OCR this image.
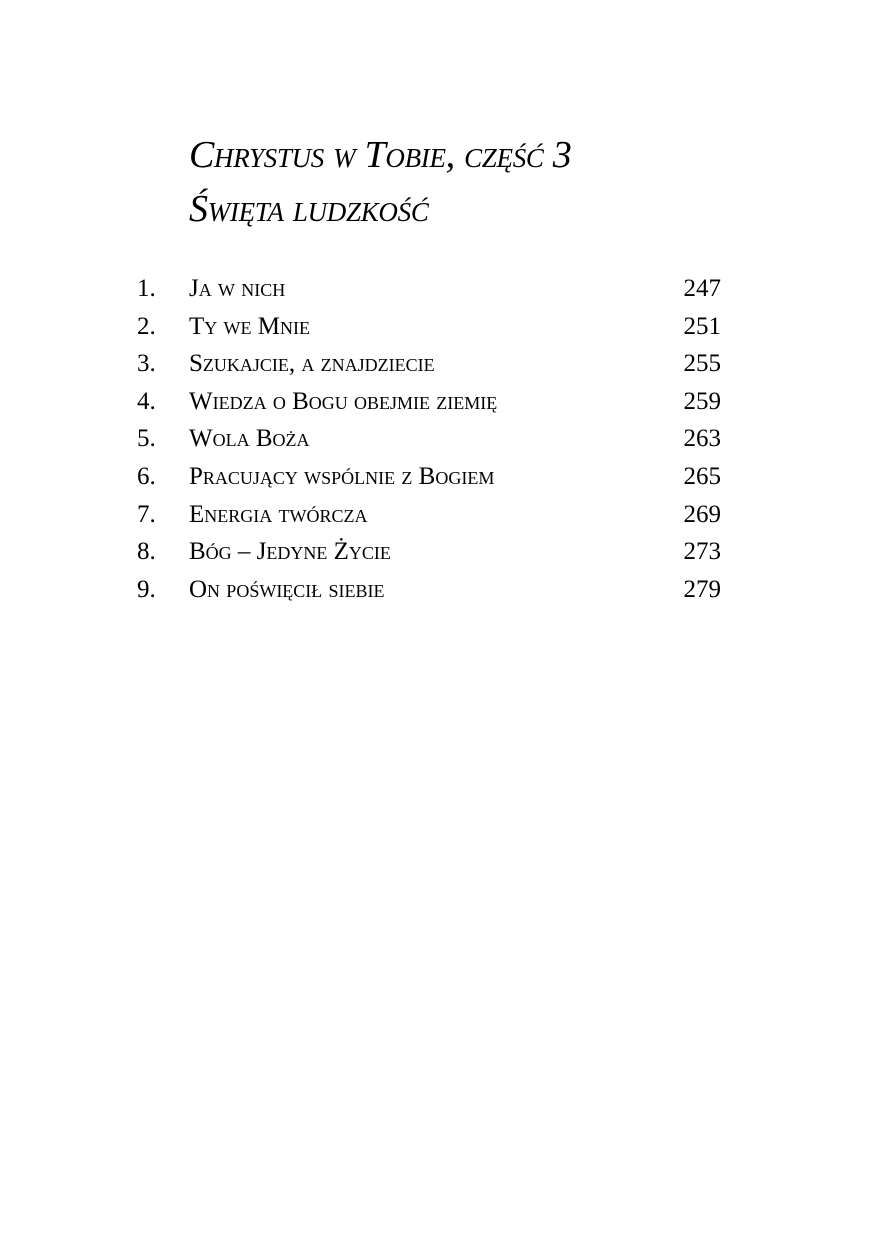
Chrystus w Tobie, część 3
Święta ludzkość
1. Ja w nich	247
2. Ty we Mnie	251
3. Szukajcie, a znajdziecie	255
4. Wiedza o Bogu obejmie ziemię	259
5. Wola Boża	263
6. Pracujący wspólnie z Bogiem	265
7. Energia twórcza	269
8. Bóg – Jedyne Życie	273
9. On poświęcił siebie	279
